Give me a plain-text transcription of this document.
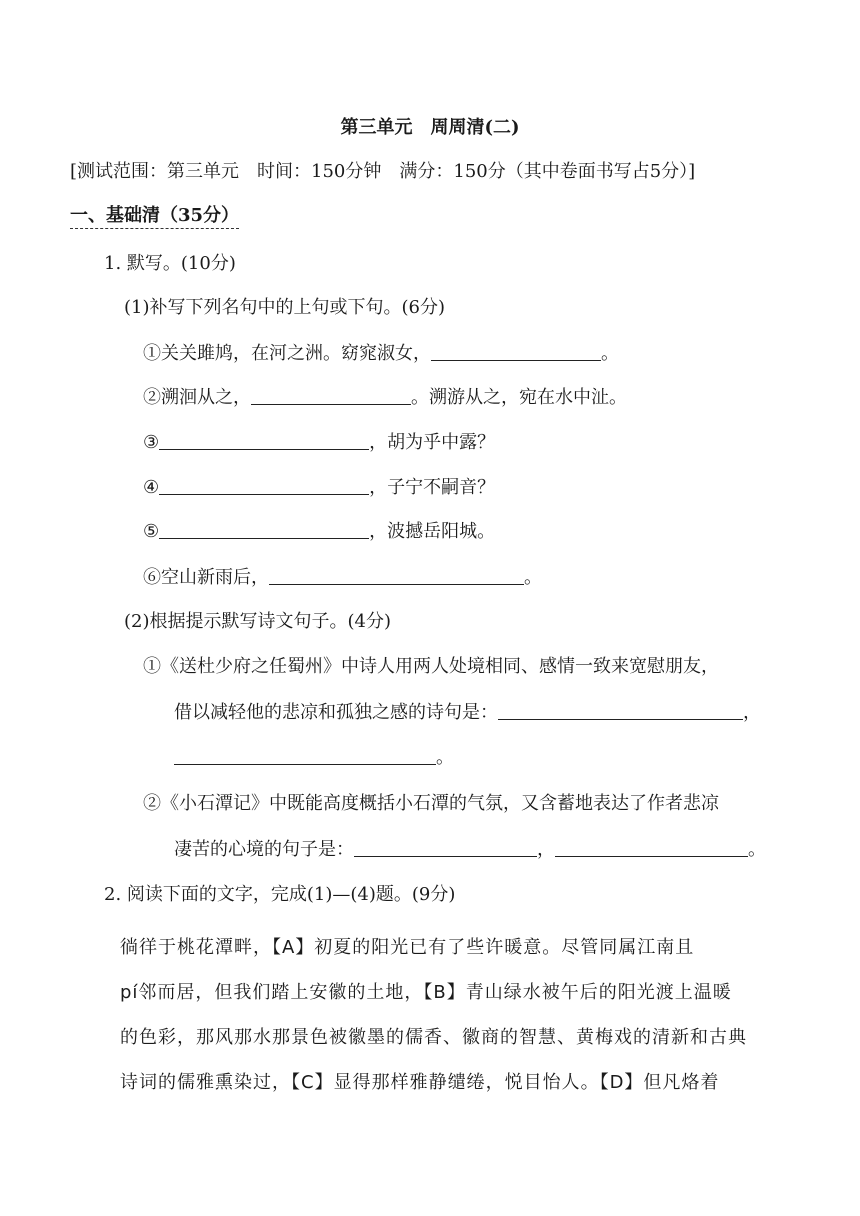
第三单元　周周清(二)
[测试范围：第三单元　时间：150分钟　满分：150分（其中卷面书写占5分）]
一、基础清（35分）
1. 默写。(10分)
(1)补写下列名句中的上句或下句。(6分)
①关关雎鸠，在河之洲。窈窕淑女，	。
②溯洄从之，	。溯游从之，宛在水中沚。
③	，胡为乎中露？
④	，子宁不嗣音？
⑤	，波撼岳阳城。
⑥空山新雨后，	。
(2)根据提示默写诗文句子。(4分)
①《送杜少府之任蜀州》中诗人用两人处境相同、感情一致来宽慰朋友，
借以减轻他的悲凉和孤独之感的诗句是：	，
。
②《小石潭记》中既能高度概括小石潭的气氛，又含蓄地表达了作者悲凉
凄苦的心境的句子是：	，	。
2. 阅读下面的文字，完成(1)—(4)题。(9分)

徜徉于桃花潭畔，【A】初夏的阳光已有了些许暖意。尽管同属江南且

pí邻而居，但我们踏上安徽的土地，【B】青山绿水被午后的阳光渡上温暖

的色彩，那风那水那景色被徽墨的儒香、徽商的智慧、黄梅戏的清新和古典

诗词的儒雅熏染过，【C】显得那样雅静缱绻，悦目怡人。【D】但凡烙着
